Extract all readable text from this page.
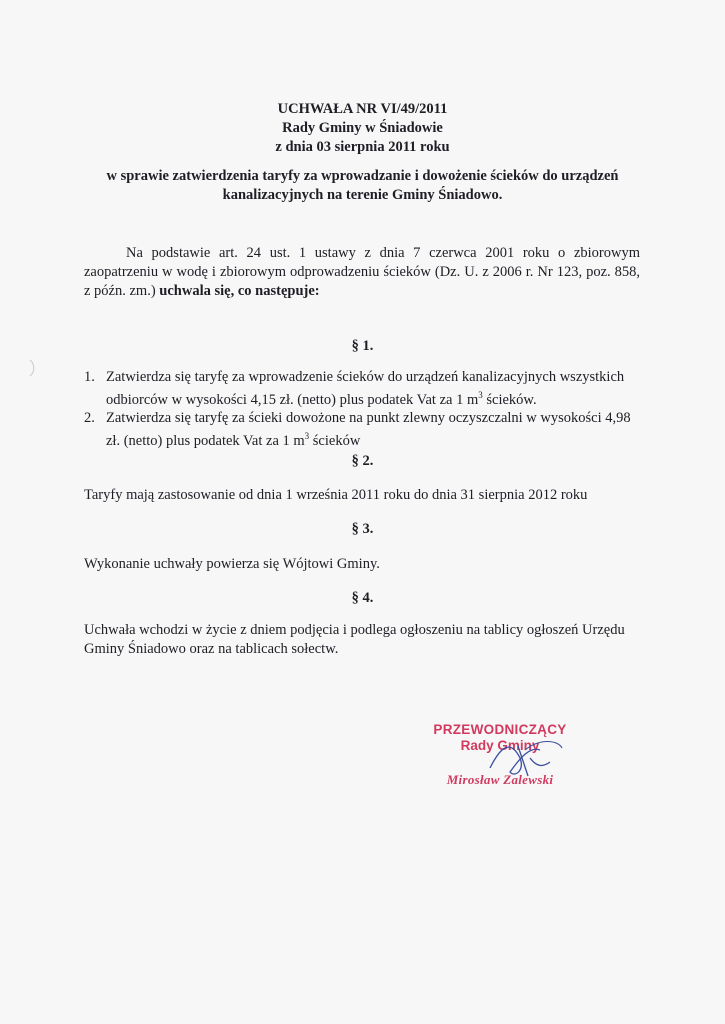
UCHWAŁA NR VI/49/2011
Rady Gminy w Śniadowie
z dnia 03 sierpnia 2011 roku
w sprawie zatwierdzenia taryfy za wprowadzanie i dowożenie ścieków do urządzeń
kanalizacyjnych na terenie Gminy Śniadowo.
Na podstawie art. 24 ust. 1 ustawy z dnia 7 czerwca 2001 roku o zbiorowym zaopatrzeniu w wodę i zbiorowym odprowadzeniu ścieków (Dz. U. z 2006 r. Nr 123, poz. 858, z późn. zm.) uchwala się, co następuje:
§ 1.
1. Zatwierdza się taryfę za wprowadzenie ścieków do urządzeń kanalizacyjnych wszystkich odbiorców w wysokości 4,15 zł. (netto) plus podatek Vat za 1 $m^3$ ścieków.
2. Zatwierdza się taryfę za ścieki dowożone na punkt zlewny oczyszczalni w wysokości 4,98 zł. (netto) plus podatek Vat za 1 $m^3$ ścieków
§ 2.
Taryfy mają zastosowanie od dnia 1 września 2011 roku do dnia 31 sierpnia 2012 roku
§ 3.
Wykonanie uchwały powierza się Wójtowi Gminy.
§ 4.
Uchwała wchodzi w życie z dniem podjęcia i podlega ogłoszeniu na tablicy ogłoszeń Urzędu Gminy Śniadowo oraz na tablicach sołectw.
PRZEWODNICZĄCY
Rady Gminy
Mirosław Zalewski
